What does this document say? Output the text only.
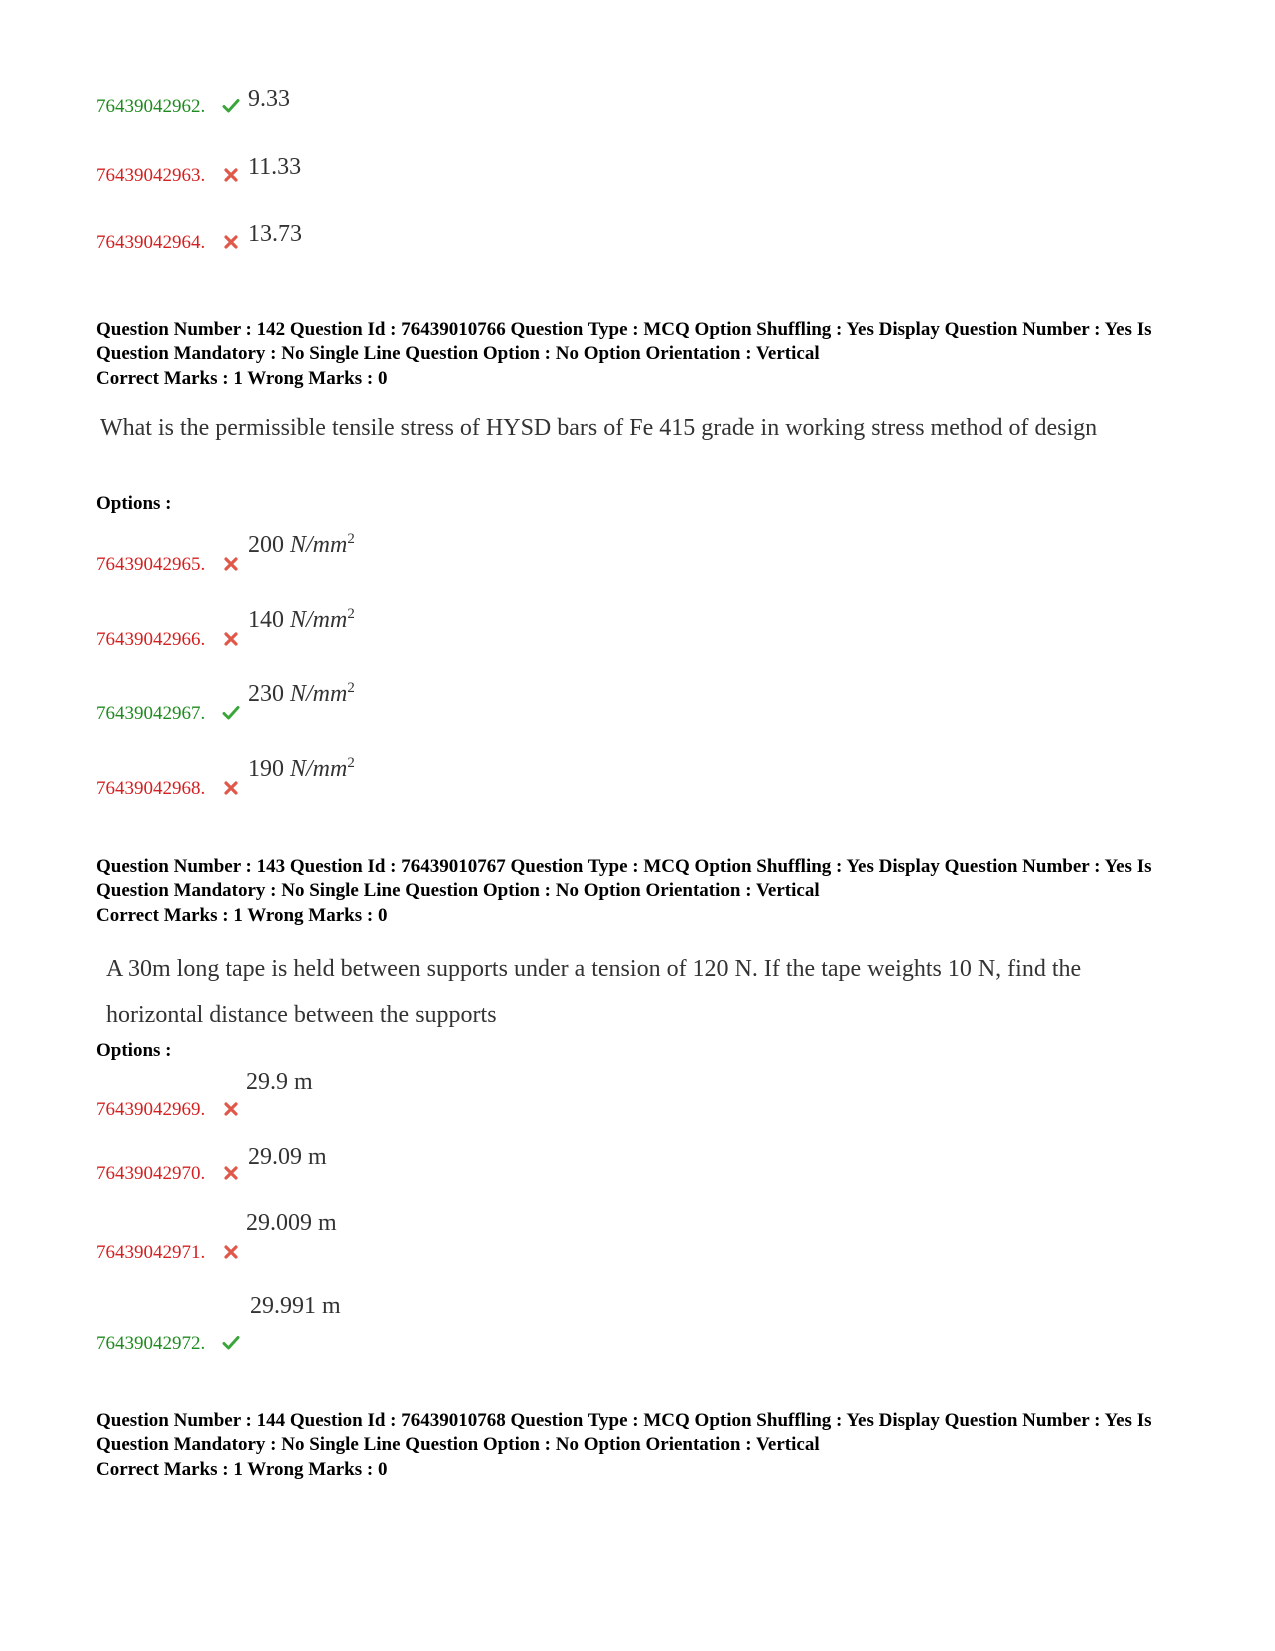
76439042962. 9.33
76439042963. 11.33
76439042964. 13.73
Question Number : 142 Question Id : 76439010766 Question Type : MCQ Option Shuffling : Yes Display Question Number : Yes Is Question Mandatory : No Single Line Question Option : No Option Orientation : Vertical
Correct Marks : 1 Wrong Marks : 0
What is the permissible tensile stress of HYSD bars of Fe 415 grade in working stress method of design
Options :
76439042965.
200 $N/mm^2$
76439042966.
140 $N/mm^2$
76439042967.
230 $N/mm^2$
76439042968.
190 $N/mm^2$
Question Number : 143 Question Id : 76439010767 Question Type : MCQ Option Shuffling : Yes Display Question Number : Yes Is Question Mandatory : No Single Line Question Option : No Option Orientation : Vertical
Correct Marks : 1 Wrong Marks : 0
A 30m long tape is held between supports under a tension of 120 N. If the tape weights 10 N, find the horizontal distance between the supports
Options :
76439042969.
29.9 m
76439042970.
29.09 m
76439042971.
29.009 m
76439042972.
29.991 m
Question Number : 144 Question Id : 76439010768 Question Type : MCQ Option Shuffling : Yes Display Question Number : Yes Is Question Mandatory : No Single Line Question Option : No Option Orientation : Vertical
Correct Marks : 1 Wrong Marks : 0
